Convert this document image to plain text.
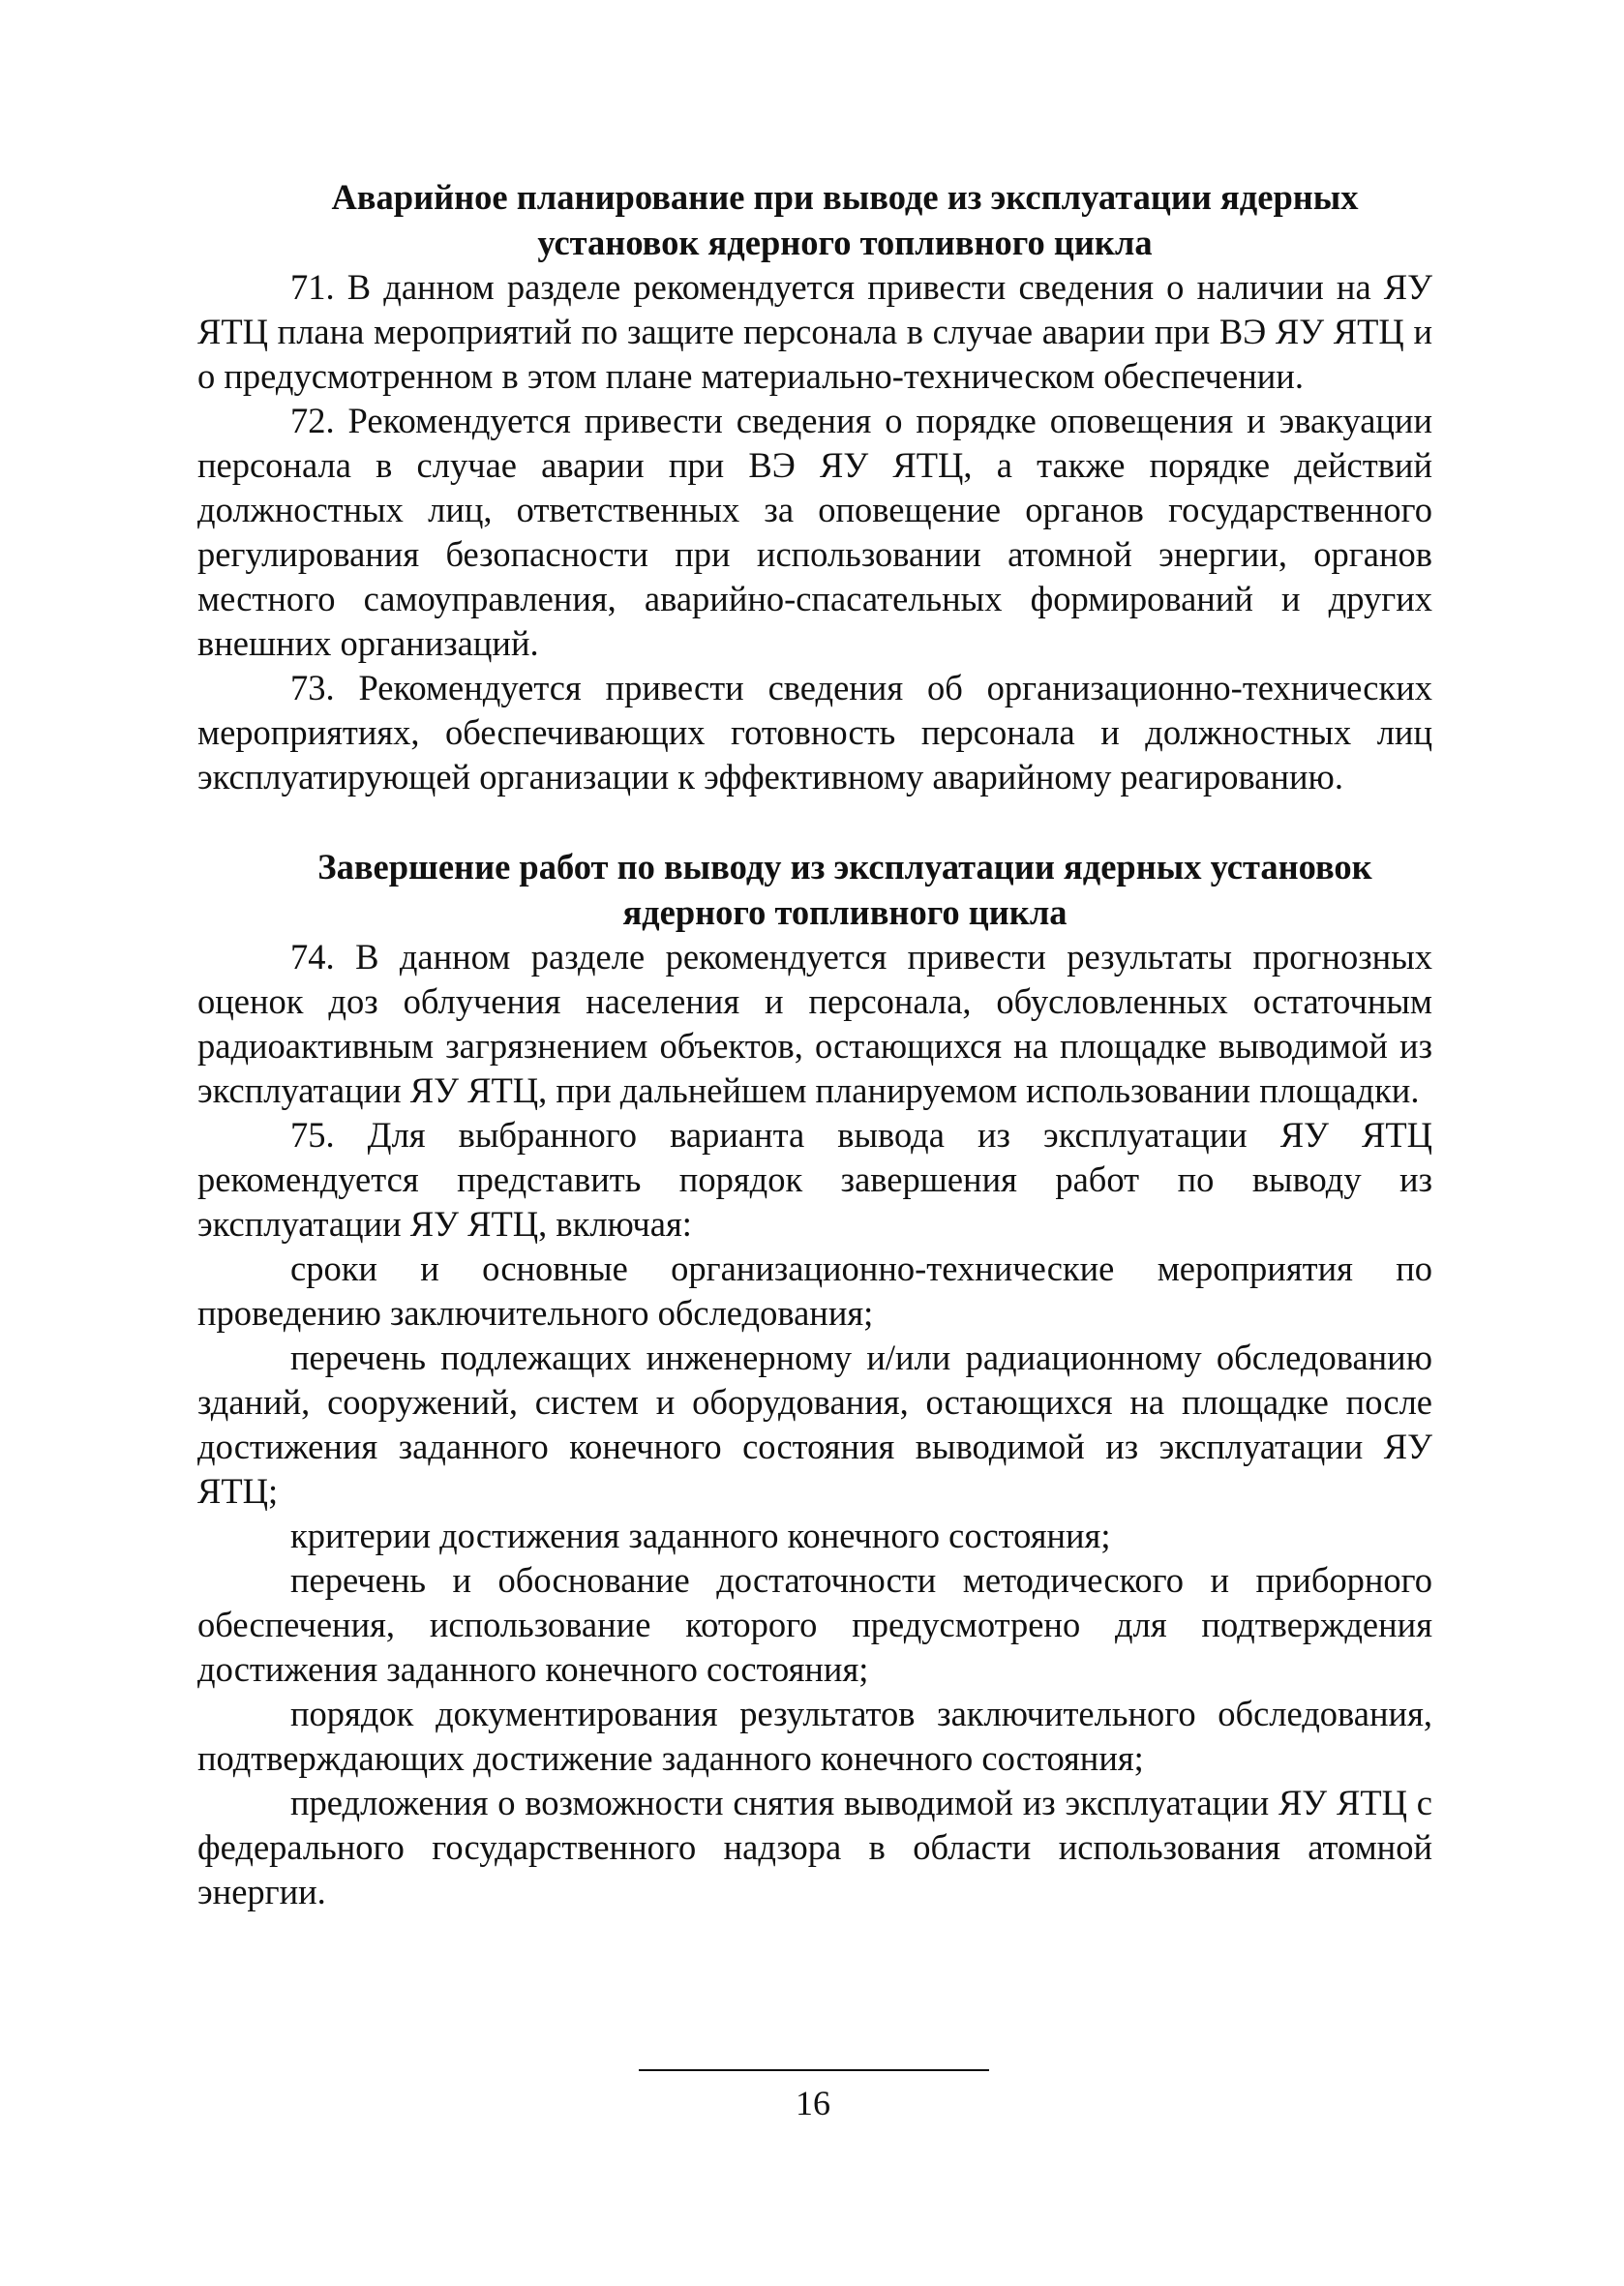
Аварийное планирование при выводе из эксплуатации ядерных установок ядерного топливного цикла

71. В данном разделе рекомендуется привести сведения о наличии на ЯУ ЯТЦ плана мероприятий по защите персонала в случае аварии при ВЭ ЯУ ЯТЦ и о предусмотренном в этом плане материально-техническом обеспечении.

72. Рекомендуется привести сведения о порядке оповещения и эвакуации персонала в случае аварии при ВЭ ЯУ ЯТЦ, а также порядке действий должностных лиц, ответственных за оповещение органов государственного регулирования безопасности при использовании атомной энергии, органов местного самоуправления, аварийно-спасательных формирований и других внешних организаций.

73. Рекомендуется привести сведения об организационно-технических мероприятиях, обеспечивающих готовность персонала и должностных лиц эксплуатирующей организации к эффективному аварийному реагированию.

Завершение работ по выводу из эксплуатации ядерных установок ядерного топливного цикла

74. В данном разделе рекомендуется привести результаты прогнозных оценок доз облучения населения и персонала, обусловленных остаточным радиоактивным загрязнением объектов, остающихся на площадке выводимой из эксплуатации ЯУ ЯТЦ, при дальнейшем планируемом использовании площадки.

75. Для выбранного варианта вывода из эксплуатации ЯУ ЯТЦ рекомендуется представить порядок завершения работ по выводу из эксплуатации ЯУ ЯТЦ, включая:

сроки и основные организационно-технические мероприятия по проведению заключительного обследования;

перечень подлежащих инженерному и/или радиационному обследованию зданий, сооружений, систем и оборудования, остающихся на площадке после достижения заданного конечного состояния выводимой из эксплуатации ЯУ ЯТЦ;

критерии достижения заданного конечного состояния;

перечень и обоснование достаточности методического и приборного обеспечения, использование которого предусмотрено для подтверждения достижения заданного конечного состояния;

порядок документирования результатов заключительного обследования, подтверждающих достижение заданного конечного состояния;

предложения о возможности снятия выводимой из эксплуатации ЯУ ЯТЦ с федерального государственного надзора в области использования атомной энергии.

16
